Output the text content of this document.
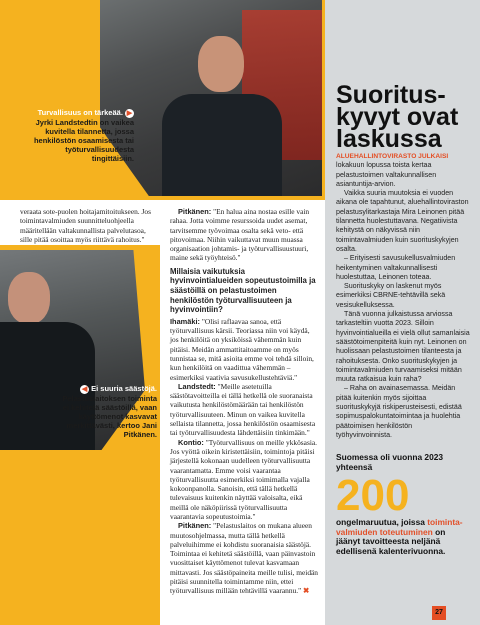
Turvallisuus on tärkeää. ▶
Jyrki Landstedtin on vaikea kuvitella tilannetta, jossa henkilöstön osaamisesta tai työturvallisuudesta tingittäisiin.

veraata sote-puolen hoitajamitoitukseen. Jos toimintavalmiuden suunnitteluohjeella määritellään valtakunnallista palvelutasoa, sille pitää osoittaa myös riittävä rahoitus."

◀ Ei suuria säästöjä.
Pelastuslaitoksen toiminta ei kehitetä säästöillä, vaan käyttömenot kasvavat merkittävästi, kertoo Jani Pitkänen.

Pitkänen: "En halua aina nostaa esille vain rahaa. Jotta voimme resurssoida uudet asemat, tarvitsemme työvoimaa osalta sekä veto- että pitovoimaa. Niihin vaikuttavat muun muassa organisaation johtamis- ja työturvallisuustuuri, maine sekä työyhteisö."

Millaisia vaikutuksia hyvinvointialueiden sopeutustoimilla ja säästöillä on pelastustoimen henkilöstön työturvallisuuteen ja hyvinvointiin?

Ihamäki: "Olisi raflaavaa sanoa, että työturvallisuus kärsii. Teoriassa niin voi käydä, jos henkilöitä on yksiköissä vähemmän kuin pitäisi. Meidän ammattitaitoamme on myös tunnistaa se, mitä asioita emme voi tehdä silloin, kun henkilöitä on vaadittua vähemmän – esimerkiksi vaativia savusukellustehtäviä."

Landstedt: "Meille asetetuilla säästötavoitteilla ei tällä hetkellä ole suoranaista vaikutusta henkilöstömäärään tai henkilöstön työturvallisuuteen. Minun on vaikea kuvitella sellaista tilannetta, jossa henkilöstön osaamisesta tai työturvallisuudesta lähdettäisiin tinkimään."

Kontio: "Työturvallisuus on meille ykkösasia. Jos vyöttä oikein kiristettäisiin, toimintoja pitäisi järjestellä kokonaan uudelleen työturvallisuutta vaarantamatta. Emme voisi vaarantaa työturvallisuutta esimerkiksi toimimalla vajalla kokoonpanolla. Sanoisin, että tällä hetkellä tulevaisuus kuitenkin näyttää valoisalta, eikä meillä ole näköpiirissä työturvallisuutta vaarantavia sopeutustoimia."

Pitkänen: "Pelastuslaitos on mukana alueen muutosohjelmassa, mutta tällä hetkellä palveluihimme ei kohdistu suoranaisia säästöjä. Toimintaa ei kehitetä säästöillä, vaan päinvastoin vuosittaiset käyttömenot tulevat kasvamaan mittavasti. Jos säästöpaineita meille tulisi, meidän pitäisi suunnitella toimintamme niin, ettei työturvallisuus millään tehtävillä vaarannu." ✖

Suoritus-kyvyt ovat laskussa

ALUEHALLINTOVIRASTO JULKAISI lokakuun lopussa toista kertaa pelastustoimen valtakunnallisen asiantuntija-arvion.

Vaikka suuria muutoksia ei vuoden aikana ole tapahtunut, aluehallintoviraston pelastusylitarkastaja Mira Leinonen pitää tilannetta huolestuttavana. Negatiivista kehitystä on näkyvissä niin toimintavalmiuden kuin suorituskykyjen osalta.

– Erityisesti savusukellusvalmiuden heikentyminen valtakunnallisesti huolestuttaa, Leinonen toteaa.

Suorituskyky on laskenut myös esimerkiksi CBRNE-tehtävillä sekä vesisukelluksessa.

Tänä vuonna julkaistussa arviossa tarkasteltiin vuotta 2023. Silloin hyvinvointialueilla ei vielä ollut samanlaisia säästötoimenpiteitä kuin nyt. Leinonen on huolissaan pelastustoimen tilanteesta ja rahoituksesta. Onko suorituskykyjen ja toimintavalmiuden turvaamiseksi mitään muuta ratkaisua kuin raha?

– Raha on avainasemassa. Meidän pitää kuitenkin myös sijoittaa suorituskykyjä riskiperusteisesti, edistää sopimuspalokuntatoimintaa ja huolehtia päätoimisen henkilöstön työhyvinvoinnista.

Suomessa oli vuonna 2023 yhteensä
200
ongelmaruutua, joissa toiminta-valmiuden toteutuminen on jäänyt tavoitteesta neljänä edellisenä kalenterivuonna.
27
